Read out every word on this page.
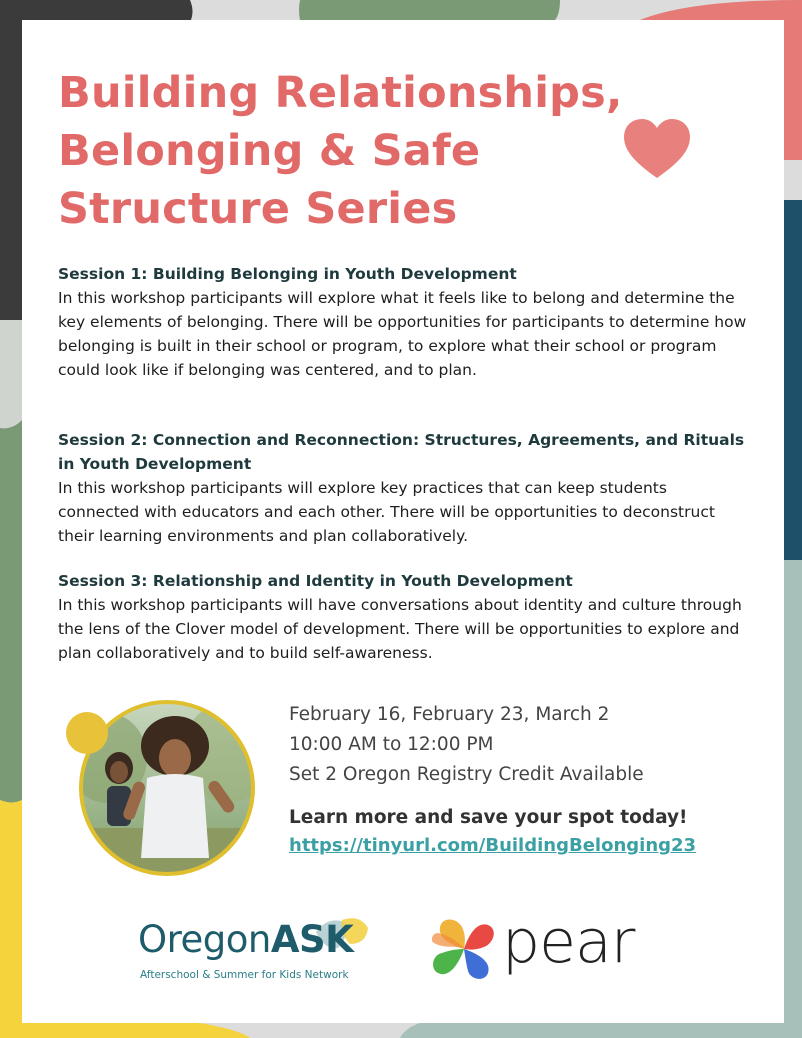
Building Relationships,
Belonging & Safe
Structure Series
Session 1: Building Belonging in Youth Development

In this workshop participants will explore what it feels like to belong and determine the key elements of belonging. There will be opportunities for participants to determine how belonging is built in their school or program, to explore what their school or program could look like if belonging was centered, and to plan.

Session 2: Connection and Reconnection: Structures, Agreements, and Rituals in Youth Development

In this workshop participants will explore key practices that can keep students connected with educators and each other. There will be opportunities to deconstruct their learning environments and plan collaboratively.

Session 3: Relationship and Identity in Youth Development

In this workshop participants will have conversations about identity and culture through the lens of the Clover model of development. There will be opportunities to explore and plan collaboratively and to build self-awareness.

February 16, February 23, March 2
10:00 AM to 12:00 PM
Set 2 Oregon Registry Credit Available
Learn more and save your spot today!
https://tinyurl.com/BuildingBelonging23
OregonASK
Afterschool & Summer for Kids Network	pear
